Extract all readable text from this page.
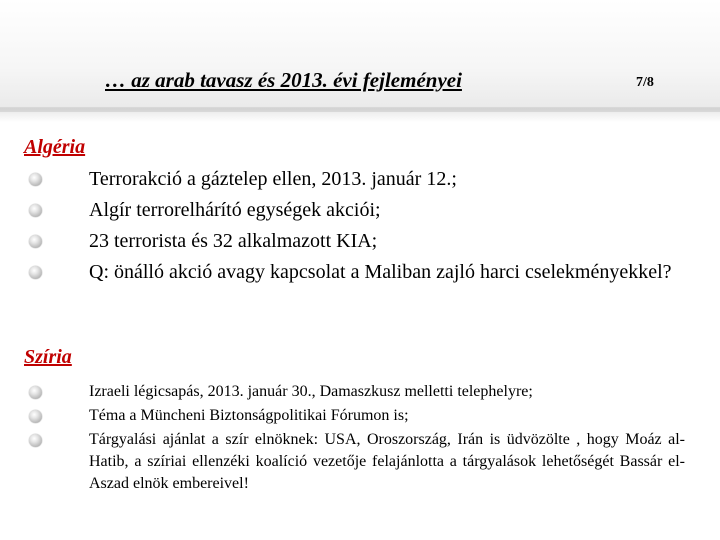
… az arab tavasz és 2013. évi fejleményei	7/8
Algéria

Terrorakció a gáztelep ellen, 2013. január 12.;

Algír terrorelhárító egységek akciói;

23 terrorista és 32 alkalmazott KIA;

Q: önálló akció avagy kapcsolat a Maliban zajló harci cselekményekkel?

Szíria

Izraeli légicsapás, 2013. január 30., Damaszkusz melletti telephelyre;

Téma a Müncheni Biztonságpolitikai Fórumon is;

Tárgyalási ajánlat a szír elnöknek: USA, Oroszország, Irán is üdvözölte , hogy Moáz al-Hatib, a szíriai ellenzéki koalíció vezetője felajánlotta a tárgyalások lehetőségét Bassár el-Aszad elnök embereivel!
